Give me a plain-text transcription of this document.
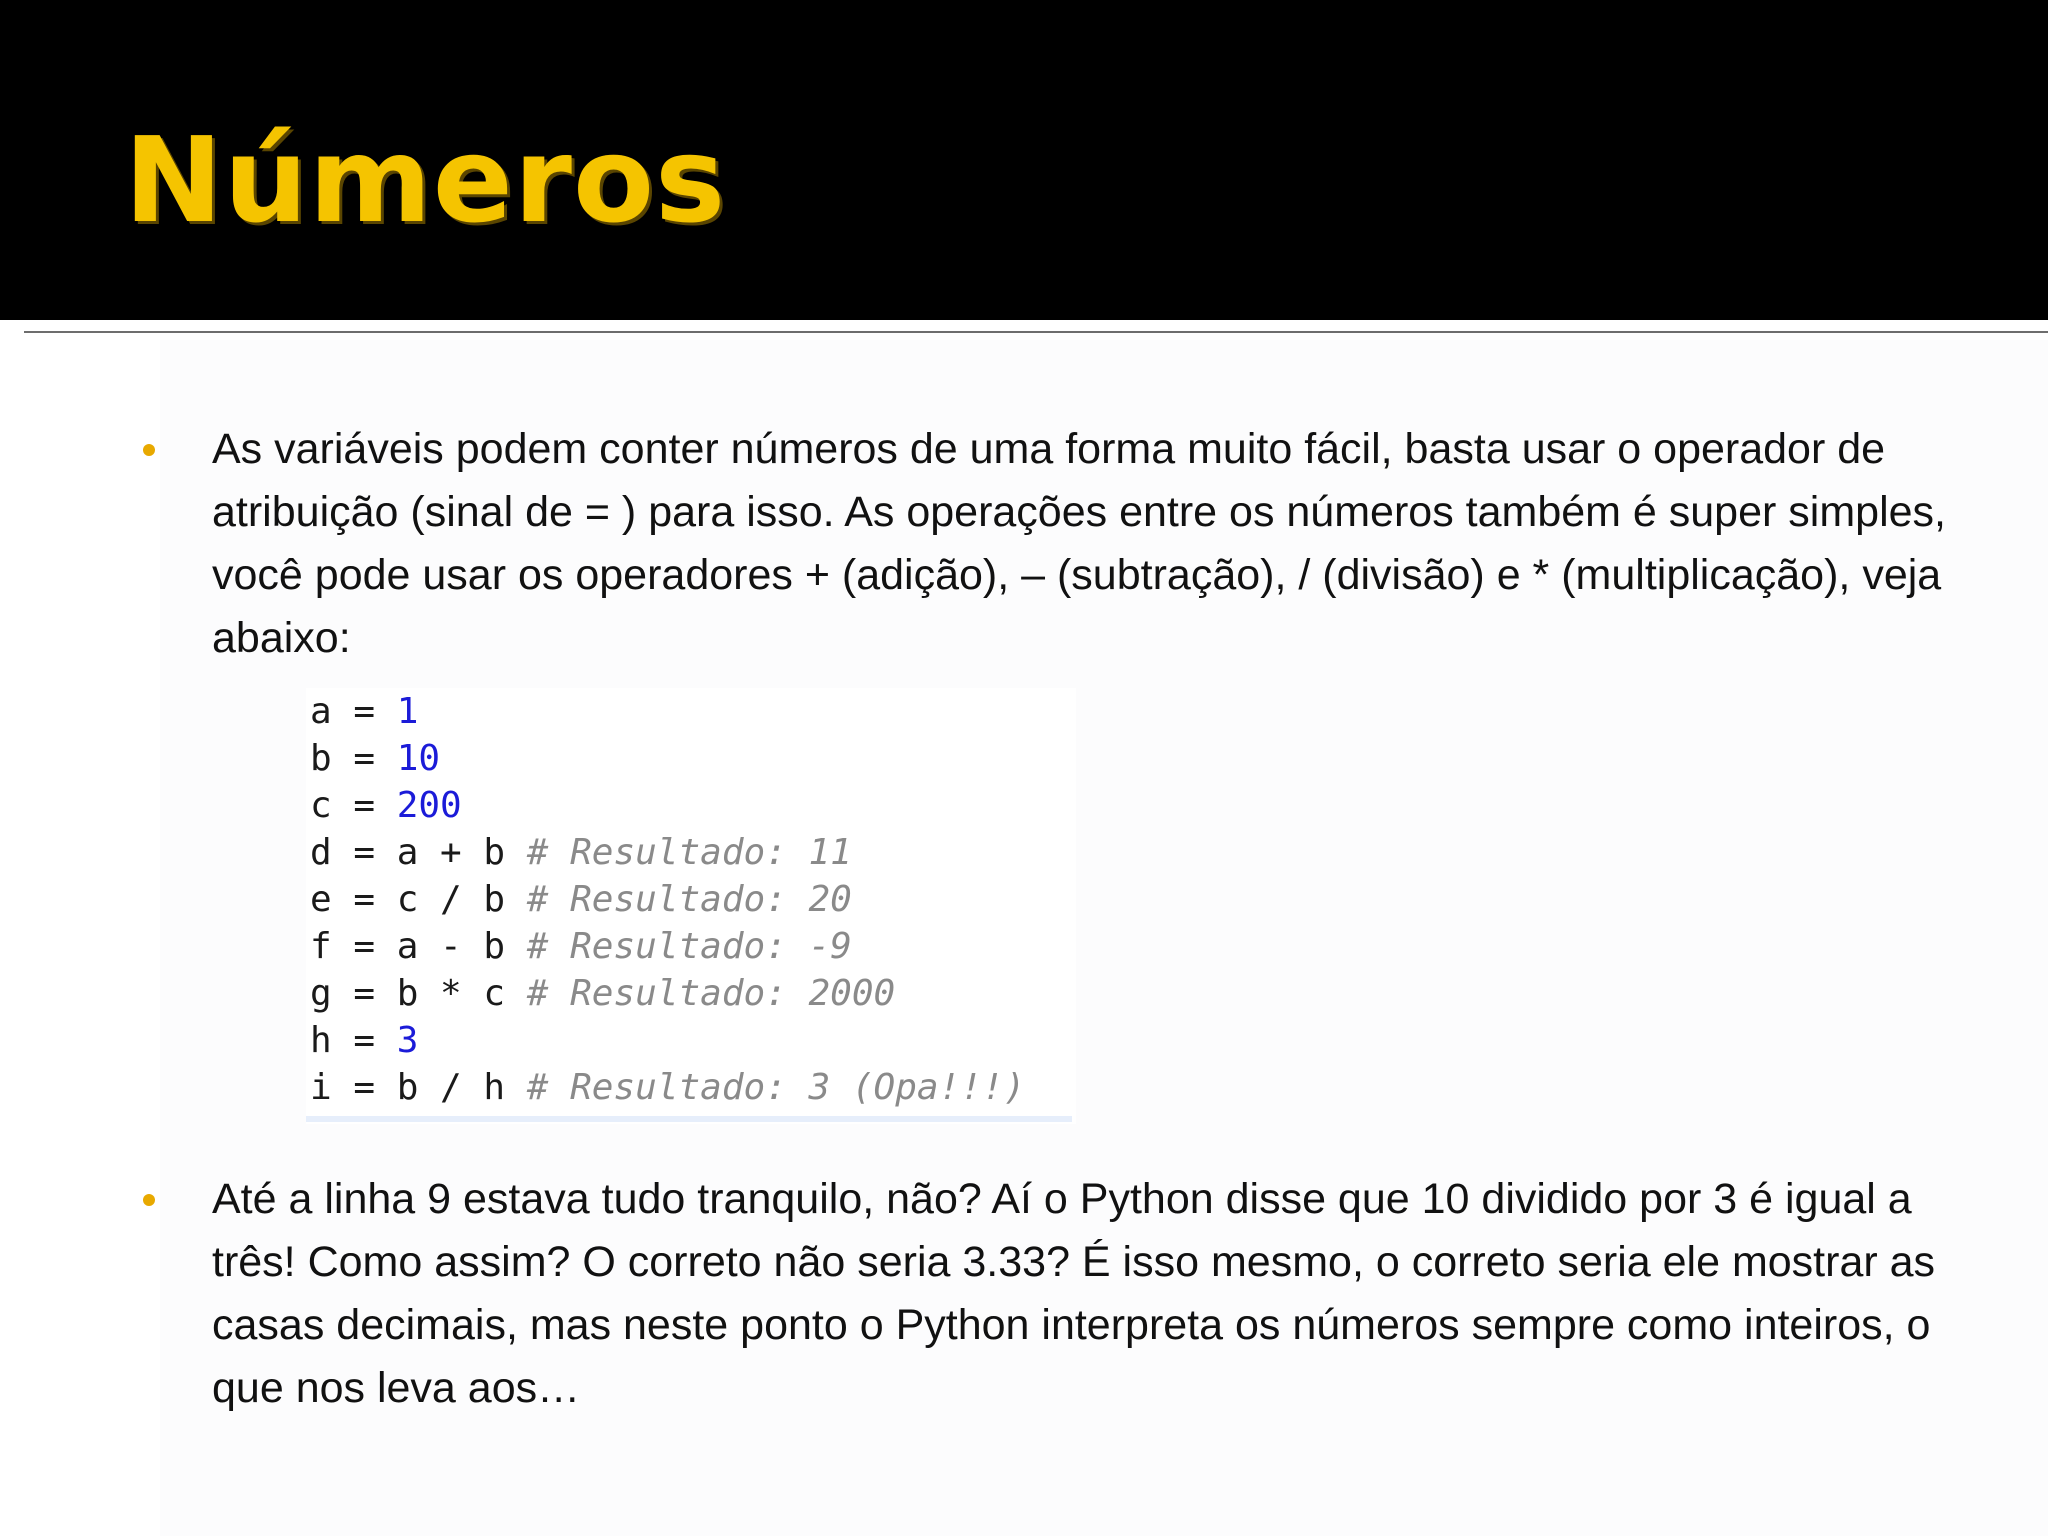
Números

As variáveis podem conter números de uma forma muito fácil, basta usar o operador de atribuição (sinal de = ) para isso. As operações entre os números também é super simples, você pode usar os operadores + (adição), – (subtração), / (divisão) e * (multiplicação), veja abaixo:

a = 1
b = 10
c = 200
d = a + b # Resultado: 11
e = c / b # Resultado: 20
f = a - b # Resultado: -9
g = b * c # Resultado: 2000
h = 3
i = b / h # Resultado: 3 (Opa!!!)

Até a linha 9 estava tudo tranquilo, não? Aí o Python disse que 10 dividido por 3 é igual a três! Como assim? O correto não seria 3.33? É isso mesmo, o correto seria ele mostrar as casas decimais, mas neste ponto o Python interpreta os números sempre como inteiros, o que nos leva aos…
